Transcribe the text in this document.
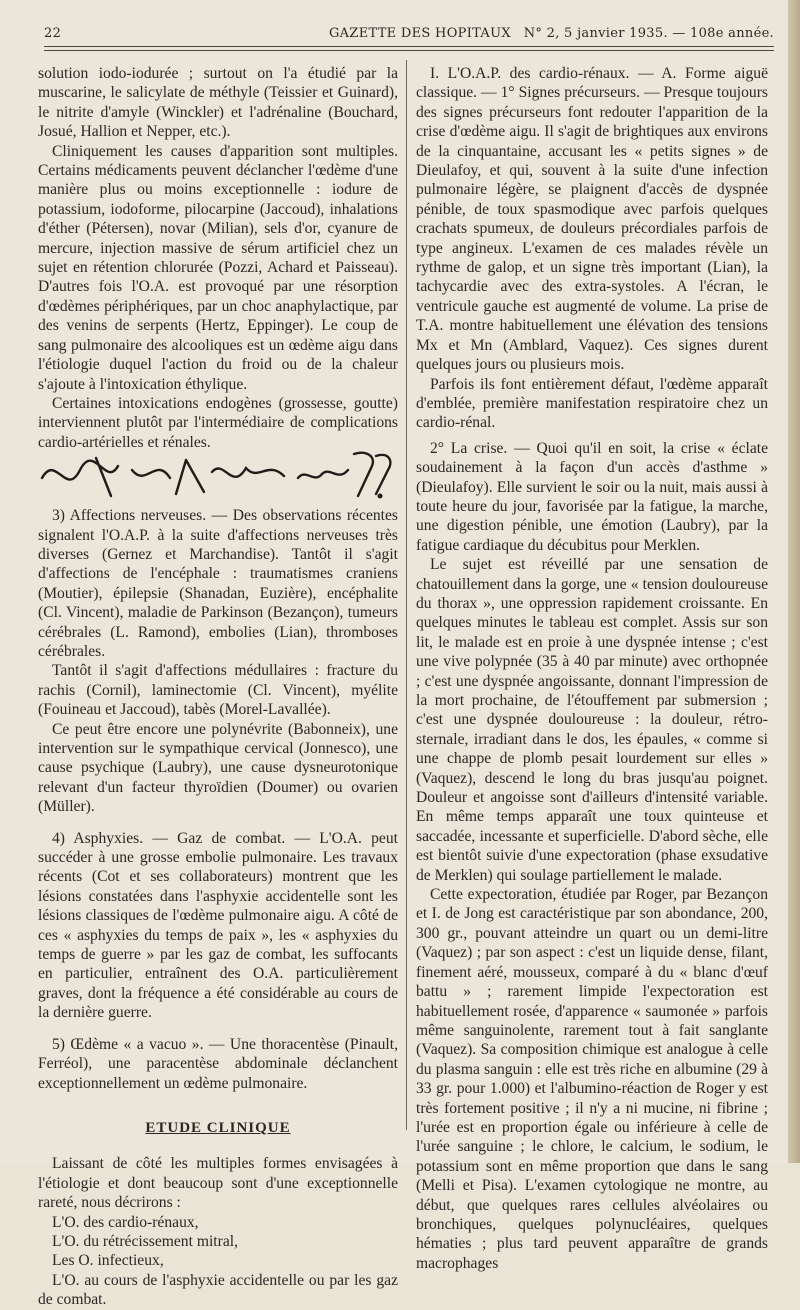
22	GAZETTE DES HOPITAUX N° 2, 5 janvier 1935. — 108e année.

solution iodo-iodurée ; surtout on l'a étudié par la muscarine, le salicylate de méthyle (Teissier et Guinard), le nitrite d'amyle (Winckler) et l'adrénaline (Bouchard, Josué, Hallion et Nepper, etc.).

Cliniquement les causes d'apparition sont multiples. Certains médicaments peuvent déclancher l'œdème d'une manière plus ou moins exceptionnelle : iodure de potassium, iodoforme, pilocarpine (Jaccoud), inhalations d'éther (Pétersen), novar (Milian), sels d'or, cyanure de mercure, injection massive de sérum artificiel chez un sujet en rétention chlorurée (Pozzi, Achard et Paisseau). D'autres fois l'O.A. est provoqué par une résorption d'œdèmes périphériques, par un choc anaphylactique, par des venins de serpents (Hertz, Eppinger). Le coup de sang pulmonaire des alcooliques est un œdème aigu dans l'étiologie duquel l'action du froid ou de la chaleur s'ajoute à l'intoxication éthylique.

Certaines intoxications endogènes (grossesse, goutte) interviennent plutôt par l'intermédiaire de complications cardio-artérielles et rénales.

3) Affections nerveuses. — Des observations récentes signalent l'O.A.P. à la suite d'affections nerveuses très diverses (Gernez et Marchandise). Tantôt il s'agit d'affections de l'encéphale : traumatismes craniens (Moutier), épilepsie (Shanadan, Euzière), encéphalite (Cl. Vincent), maladie de Parkinson (Bezançon), tumeurs cérébrales (L. Ramond), embolies (Lian), thromboses cérébrales.

Tantôt il s'agit d'affections médullaires : fracture du rachis (Cornil), laminectomie (Cl. Vincent), myélite (Fouineau et Jaccoud), tabès (Morel-Lavallée).

Ce peut être encore une polynévrite (Babonneix), une intervention sur le sympathique cervical (Jonnesco), une cause psychique (Laubry), une cause dysneurotonique relevant d'un facteur thyroïdien (Doumer) ou ovarien (Müller).

4) Asphyxies. — Gaz de combat. — L'O.A. peut succéder à une grosse embolie pulmonaire. Les travaux récents (Cot et ses collaborateurs) montrent que les lésions constatées dans l'asphyxie accidentelle sont les lésions classiques de l'œdème pulmonaire aigu. A côté de ces « asphyxies du temps de paix », les « asphyxies du temps de guerre » par les gaz de combat, les suffocants en particulier, entraînent des O.A. particulièrement graves, dont la fréquence a été considérable au cours de la dernière guerre.

5) Œdème « a vacuo ». — Une thoracentèse (Pinault, Ferréol), une paracentèse abdominale déclanchent exceptionnellement un œdème pulmonaire.

ETUDE CLINIQUE

Laissant de côté les multiples formes envisagées à l'étiologie et dont beaucoup sont d'une exceptionnelle rareté, nous décrirons :

L'O. des cardio-rénaux,

L'O. du rétrécissement mitral,

Les O. infectieux,

L'O. au cours de l'asphyxie accidentelle ou par les gaz de combat.

I. L'O.A.P. des cardio-rénaux. — A. Forme aiguë classique. — 1° Signes précurseurs. — Presque toujours des signes précurseurs font redouter l'apparition de la crise d'œdème aigu. Il s'agit de brightiques aux environs de la cinquantaine, accusant les « petits signes » de Dieulafoy, et qui, souvent à la suite d'une infection pulmonaire légère, se plaignent d'accès de dyspnée pénible, de toux spasmodique avec parfois quelques crachats spumeux, de douleurs précordiales parfois de type angineux. L'examen de ces malades révèle un rythme de galop, et un signe très important (Lian), la tachycardie avec des extra-systoles. A l'écran, le ventricule gauche est augmenté de volume. La prise de T.A. montre habituellement une élévation des tensions Mx et Mn (Amblard, Vaquez). Ces signes durent quelques jours ou plusieurs mois.

Parfois ils font entièrement défaut, l'œdème apparaît d'emblée, première manifestation respiratoire chez un cardio-rénal.

2° La crise. — Quoi qu'il en soit, la crise « éclate soudainement à la façon d'un accès d'asthme » (Dieulafoy). Elle survient le soir ou la nuit, mais aussi à toute heure du jour, favorisée par la fatigue, la marche, une digestion pénible, une émotion (Laubry), par la fatigue cardiaque du décubitus pour Merklen.

Le sujet est réveillé par une sensation de chatouillement dans la gorge, une « tension douloureuse du thorax », une oppression rapidement croissante. En quelques minutes le tableau est complet. Assis sur son lit, le malade est en proie à une dyspnée intense ; c'est une vive polypnée (35 à 40 par minute) avec orthopnée ; c'est une dyspnée angoissante, donnant l'impression de la mort prochaine, de l'étouffement par submersion ; c'est une dyspnée douloureuse : la douleur, rétro-sternale, irradiant dans le dos, les épaules, « comme si une chappe de plomb pesait lourdement sur elles » (Vaquez), descend le long du bras jusqu'au poignet. Douleur et angoisse sont d'ailleurs d'intensité variable. En même temps apparaît une toux quinteuse et saccadée, incessante et superficielle. D'abord sèche, elle est bientôt suivie d'une expectoration (phase exsudative de Merklen) qui soulage partiellement le malade.

Cette expectoration, étudiée par Roger, par Bezançon et I. de Jong est caractéristique par son abondance, 200, 300 gr., pouvant atteindre un quart ou un demi-litre (Vaquez) ; par son aspect : c'est un liquide dense, filant, finement aéré, mousseux, comparé à du « blanc d'œuf battu » ; rarement limpide l'expectoration est habituellement rosée, d'apparence « saumonée » parfois même sanguinolente, rarement tout à fait sanglante (Vaquez). Sa composition chimique est analogue à celle du plasma sanguin : elle est très riche en albumine (29 à 33 gr. pour 1.000) et l'albumino-réaction de Roger y est très fortement positive ; il n'y a ni mucine, ni fibrine ; l'urée est en proportion égale ou inférieure à celle de l'urée sanguine ; le chlore, le calcium, le sodium, le potassium sont en même proportion que dans le sang (Melli et Pisa). L'examen cytologique ne montre, au début, que quelques rares cellules alvéolaires ou bronchiques, quelques polynucléaires, quelques hématies ; plus tard peuvent apparaître de grands macrophages
